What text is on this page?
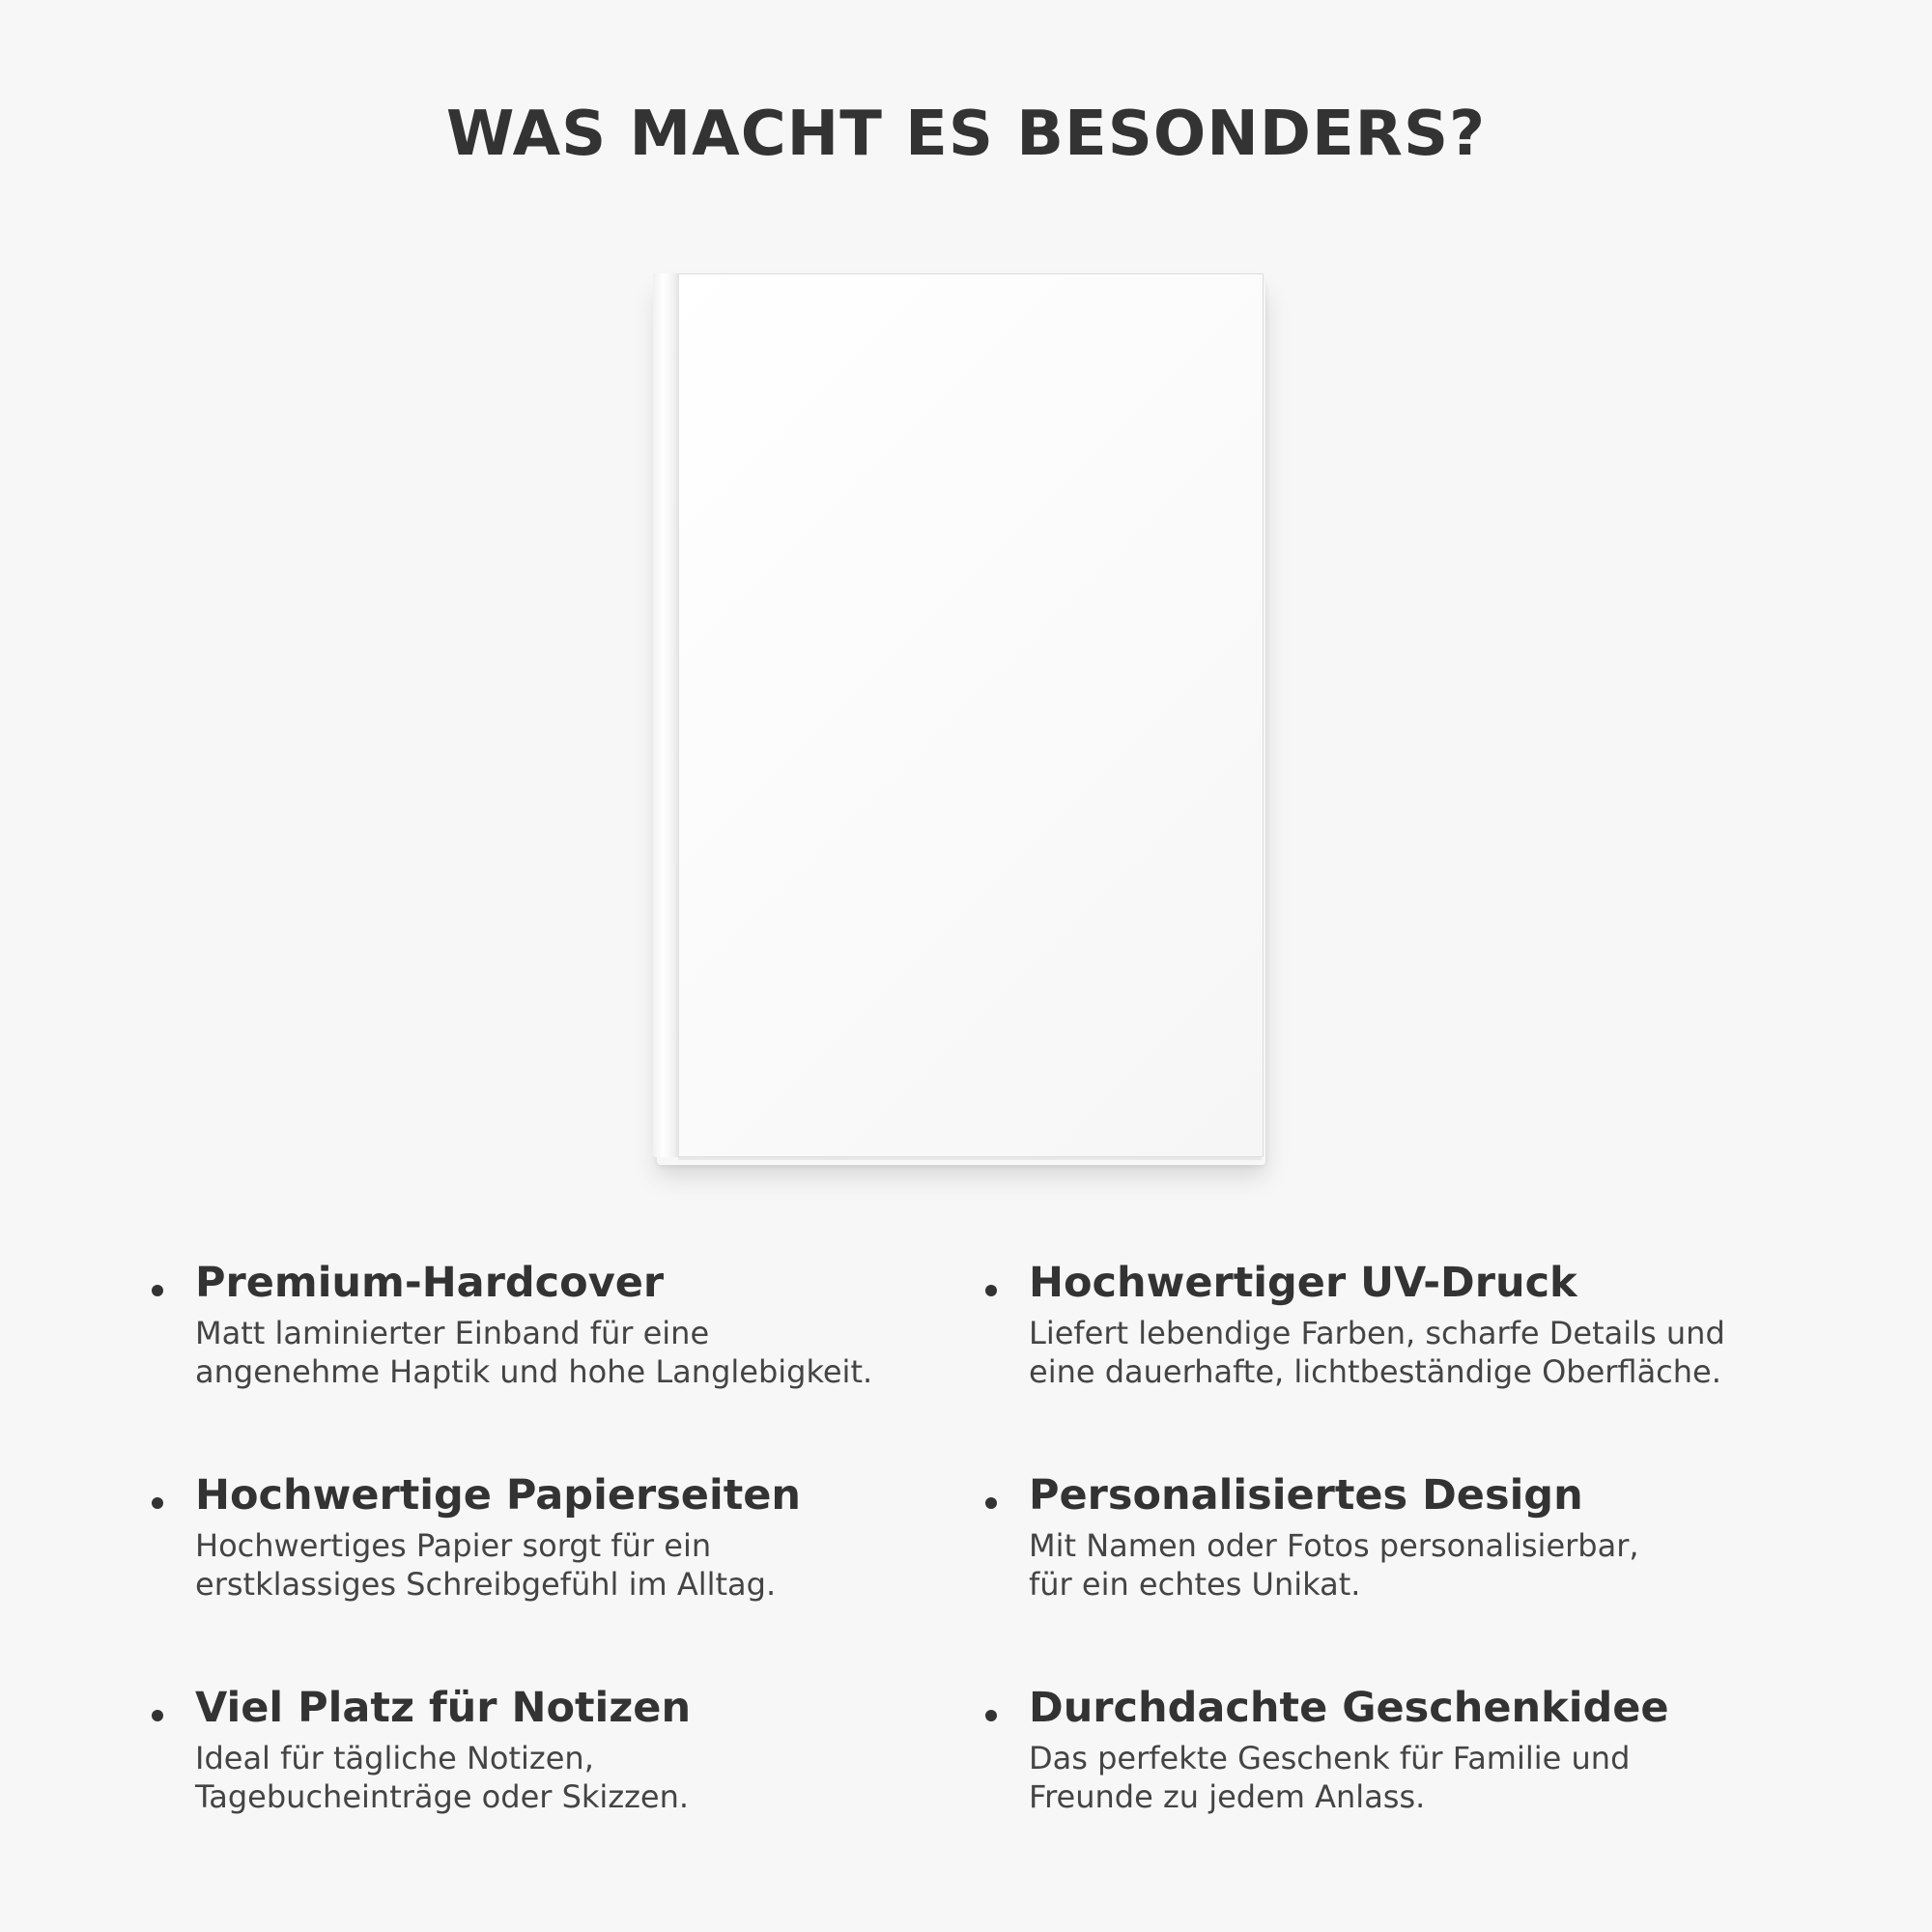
WAS MACHT ES BESONDERS?

Premium-Hardcover

Matt laminierter Einband für eine
angenehme Haptik und hohe Langlebigkeit.

Hochwertiger UV-Druck

Liefert lebendige Farben, scharfe Details und
eine dauerhafte, lichtbeständige Oberfläche.

Hochwertige Papierseiten

Hochwertiges Papier sorgt für ein
erstklassiges Schreibgefühl im Alltag.

Personalisiertes Design

Mit Namen oder Fotos personalisierbar,
für ein echtes Unikat.

Viel Platz für Notizen

Ideal für tägliche Notizen,
Tagebucheinträge oder Skizzen.

Durchdachte Geschenkidee

Das perfekte Geschenk für Familie und
Freunde zu jedem Anlass.
